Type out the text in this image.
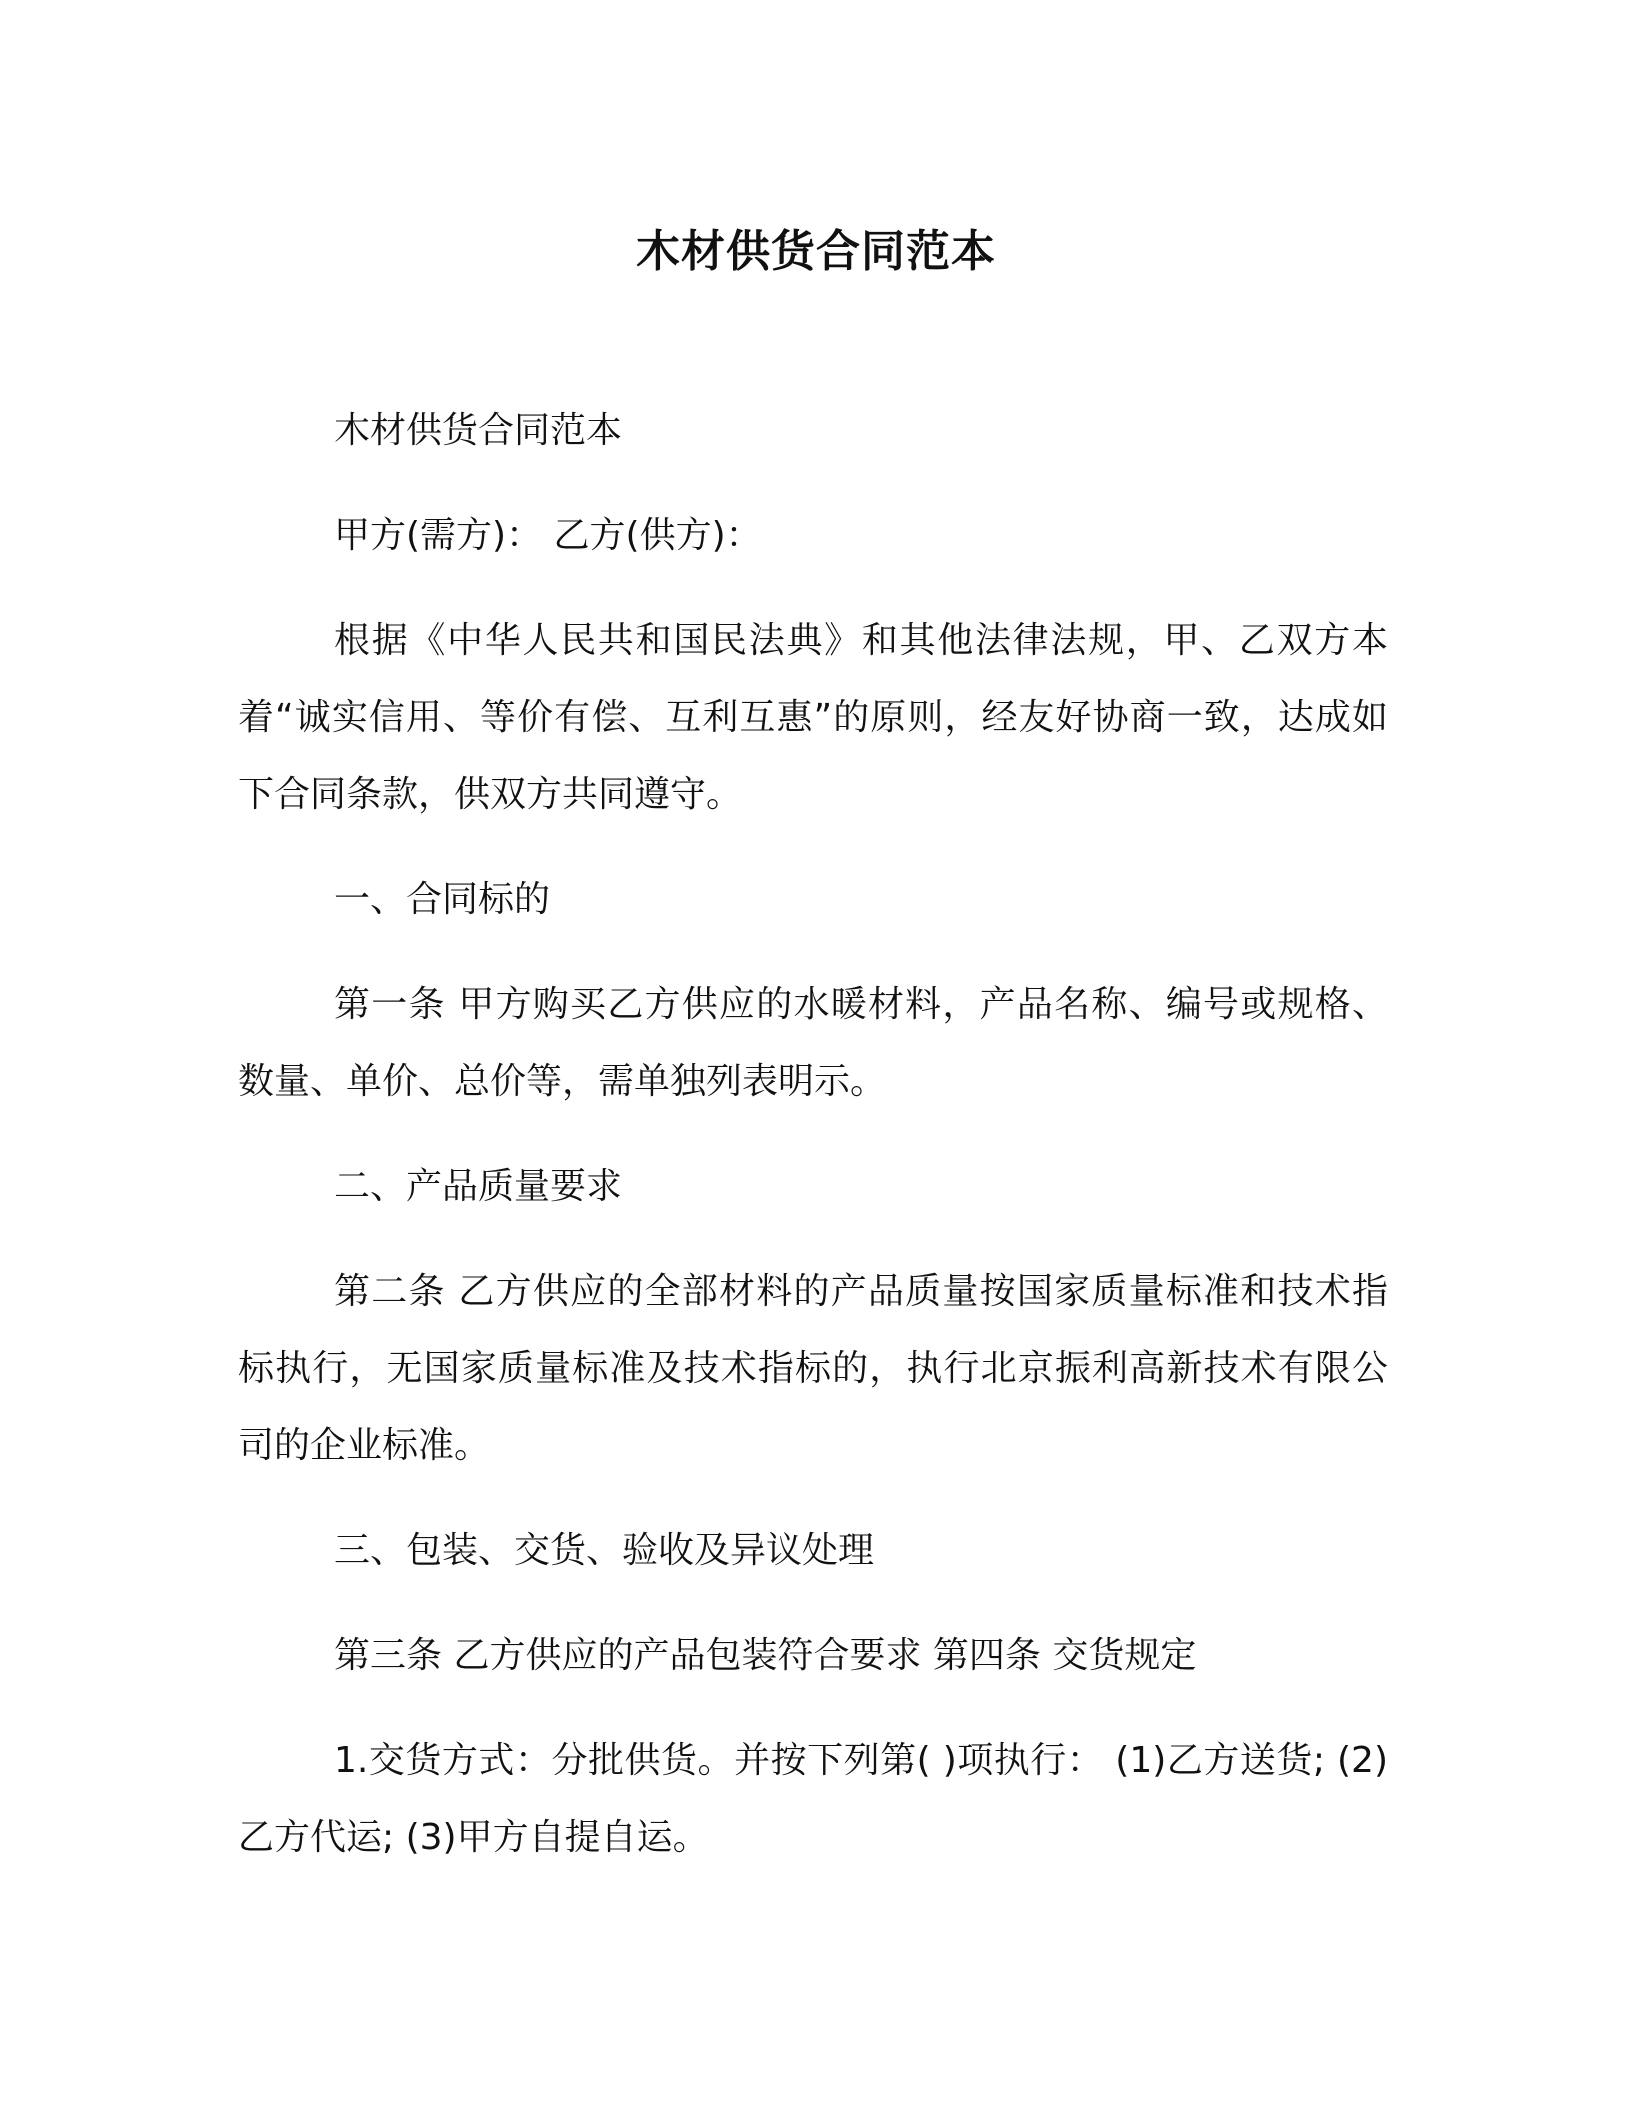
木材供货合同范本

木材供货合同范本

甲方(需方)： 乙方(供方)：

根据《中华人民共和国民法典》和其他法律法规，甲、乙双方本着“诚实信用、等价有偿、互利互惠”的原则，经友好协商一致，达成如下合同条款，供双方共同遵守。

一、合同标的

第一条 甲方购买乙方供应的水暖材料，产品名称、编号或规格、数量、单价、总价等，需单独列表明示。

二、产品质量要求

第二条 乙方供应的全部材料的产品质量按国家质量标准和技术指标执行，无国家质量标准及技术指标的，执行北京振利高新技术有限公司的企业标准。

三、包装、交货、验收及异议处理

第三条 乙方供应的产品包装符合要求 第四条 交货规定

1.交货方式：分批供货。并按下列第( )项执行： (1)乙方送货; (2)乙方代运; (3)甲方自提自运。
